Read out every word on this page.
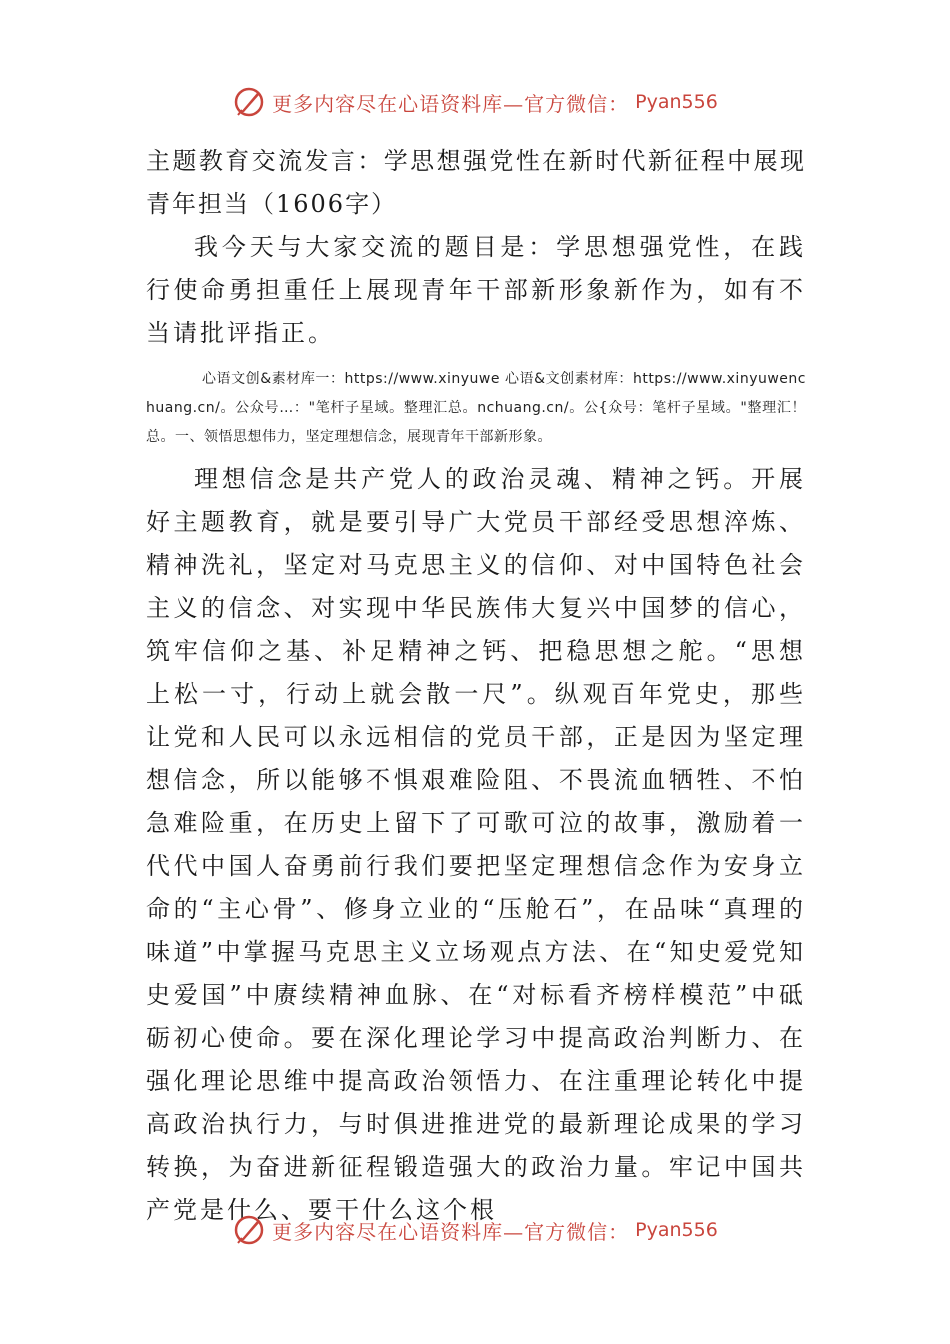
更多内容尽在心语资料库—官方微信： Pyan556

主题教育交流发言：学思想强党性在新时代新征程中展现青年担当（1606字）

我今天与大家交流的题目是：学思想强党性，在践行使命勇担重任上展现青年干部新形象新作为，如有不当请批评指正。

心语文创&素材库一：https://www.xinyuwe 心语&文创素材库：https://www.xinyuwenchuang.cn/。公众号…："笔杆子星域。整理汇总。nchuang.cn/。公{众号：笔杆子星域。"整理汇！总。一、领悟思想伟力，坚定理想信念，展现青年干部新形象。

理想信念是共产党人的政治灵魂、精神之钙。开展好主题教育，就是要引导广大党员干部经受思想淬炼、精神洗礼，坚定对马克思主义的信仰、对中国特色社会主义的信念、对实现中华民族伟大复兴中国梦的信心，筑牢信仰之基、补足精神之钙、把稳思想之舵。“思想上松一寸，行动上就会散一尺”。纵观百年党史，那些让党和人民可以永远相信的党员干部，正是因为坚定理想信念，所以能够不惧艰难险阻、不畏流血牺牲、不怕急难险重，在历史上留下了可歌可泣的故事，激励着一代代中国人奋勇前行我们要把坚定理想信念作为安身立命的“主心骨”、修身立业的“压舱石”，在品味“真理的味道”中掌握马克思主义立场观点方法、在“知史爱党知史爱国”中赓续精神血脉、在“对标看齐榜样模范”中砥砺初心使命。要在深化理论学习中提高政治判断力、在强化理论思维中提高政治领悟力、在注重理论转化中提高政治执行力，与时俱进推进党的最新理论成果的学习转换，为奋进新征程锻造强大的政治力量。牢记中国共产党是什么、要干什么这个根

更多内容尽在心语资料库—官方微信： Pyan556
